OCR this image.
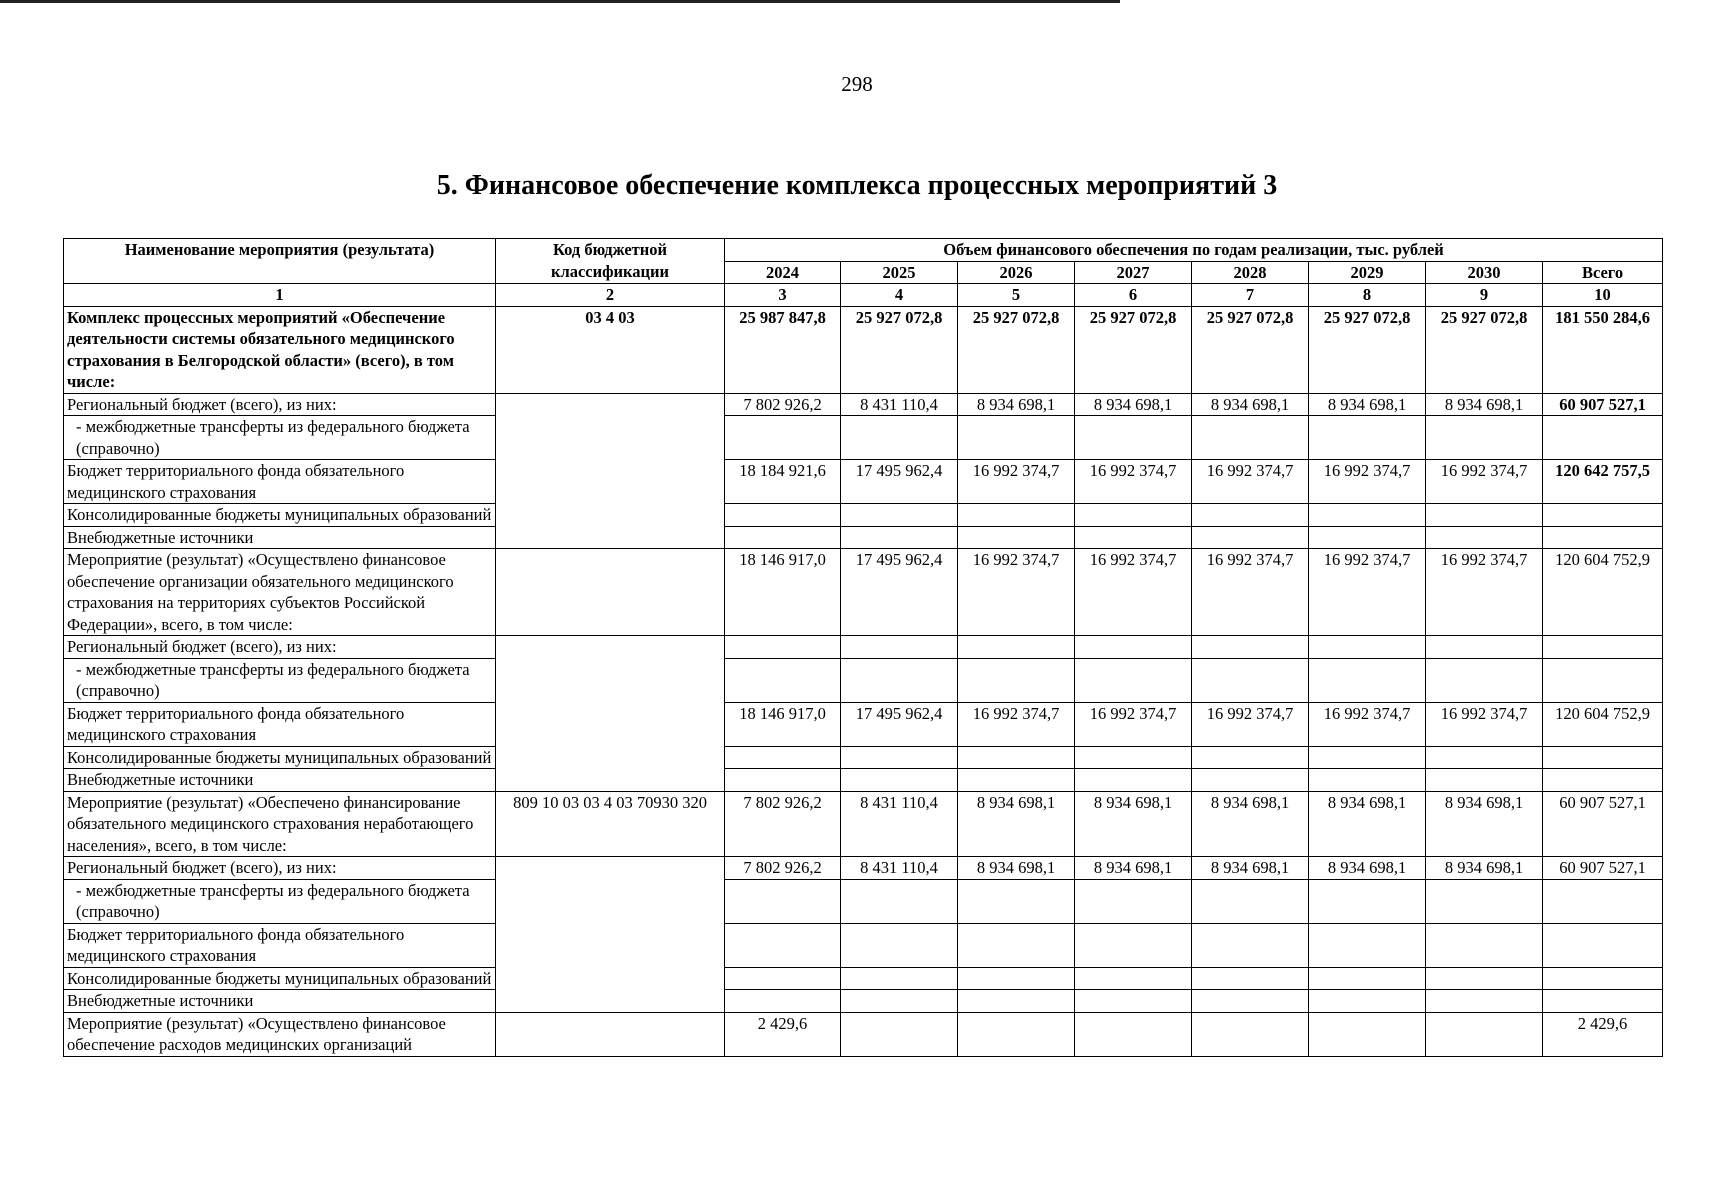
298
5. Финансовое обеспечение комплекса процессных мероприятий 3
Наименование мероприятия (результата)	Код бюджетной классификации	Объем финансового обеспечения по годам реализации, тыс. рублей							
		2024	2025	2026	2027	2028	2029	2030	Всего
1	2	3	4	5	6	7	8	9	10
Комплекс процессных мероприятий «Обеспечение деятельности системы обязательного медицинского страхования в Белгородской области» (всего), в том числе:	03 4 03	25 987 847,8	25 927 072,8	25 927 072,8	25 927 072,8	25 927 072,8	25 927 072,8	25 927 072,8	181 550 284,6
Региональный бюджет (всего), из них:		7 802 926,2	8 431 110,4	8 934 698,1	8 934 698,1	8 934 698,1	8 934 698,1	8 934 698,1	60 907 527,1
- межбюджетные трансферты из федерального бюджета (справочно)									
Бюджет территориального фонда обязательного медицинского страхования		18 184 921,6	17 495 962,4	16 992 374,7	16 992 374,7	16 992 374,7	16 992 374,7	16 992 374,7	120 642 757,5
Консолидированные бюджеты муниципальных образований									
Внебюджетные источники									
Мероприятие (результат) «Осуществлено финансовое обеспечение организации обязательного медицинского страхования на территориях субъектов Российской Федерации», всего, в том числе:		18 146 917,0	17 495 962,4	16 992 374,7	16 992 374,7	16 992 374,7	16 992 374,7	16 992 374,7	120 604 752,9
Региональный бюджет (всего), из них:									
- межбюджетные трансферты из федерального бюджета (справочно)									
Бюджет территориального фонда обязательного медицинского страхования		18 146 917,0	17 495 962,4	16 992 374,7	16 992 374,7	16 992 374,7	16 992 374,7	16 992 374,7	120 604 752,9
Консолидированные бюджеты муниципальных образований									
Внебюджетные источники									
Мероприятие (результат) «Обеспечено финансирование обязательного медицинского страхования неработающего населения», всего, в том числе:	809 10 03 03 4 03 70930 320	7 802 926,2	8 431 110,4	8 934 698,1	8 934 698,1	8 934 698,1	8 934 698,1	8 934 698,1	60 907 527,1
Региональный бюджет (всего), из них:		7 802 926,2	8 431 110,4	8 934 698,1	8 934 698,1	8 934 698,1	8 934 698,1	8 934 698,1	60 907 527,1
- межбюджетные трансферты из федерального бюджета (справочно)									
Бюджет территориального фонда обязательного медицинского страхования									
Консолидированные бюджеты муниципальных образований									
Внебюджетные источники									
Мероприятие (результат) «Осуществлено финансовое обеспечение расходов медицинских организаций		2 429,6							2 429,6
